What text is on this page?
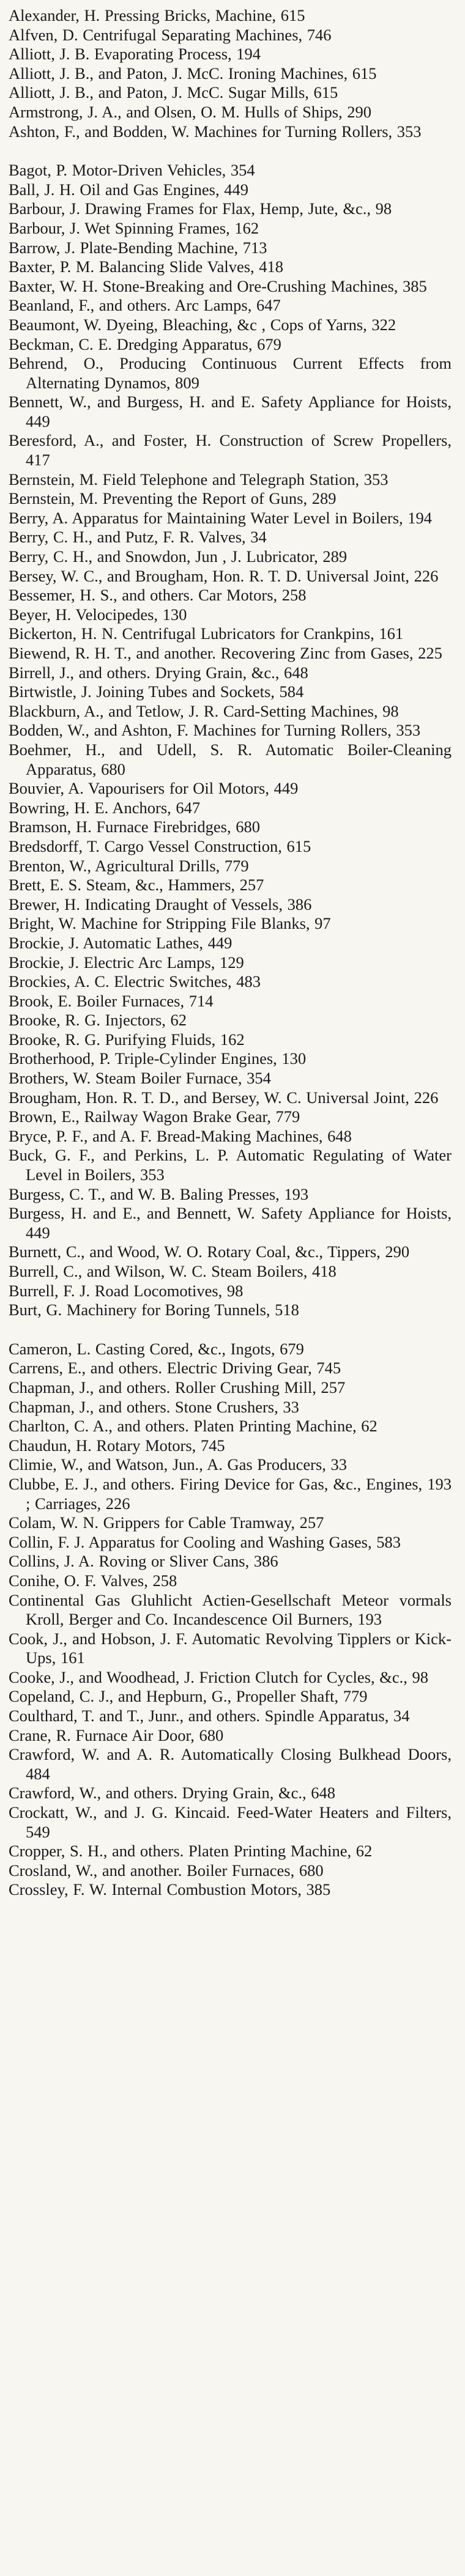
Alexander, H. Pressing Bricks, Machine, 615

Alfven, D. Centrifugal Separating Machines, 746

Alliott, J. B. Evaporating Process, 194

Alliott, J. B., and Paton, J. McC. Ironing Machines, 615

Alliott, J. B., and Paton, J. McC. Sugar Mills, 615

Armstrong, J. A., and Olsen, O. M. Hulls of Ships, 290

Ashton, F., and Bodden, W. Machines for Turning Rollers, 353

Bagot, P. Motor-Driven Vehicles, 354

Ball, J. H. Oil and Gas Engines, 449

Barbour, J. Drawing Frames for Flax, Hemp, Jute, &c., 98

Barbour, J. Wet Spinning Frames, 162

Barrow, J. Plate-Bending Machine, 713

Baxter, P. M. Balancing Slide Valves, 418

Baxter, W. H. Stone-Breaking and Ore-Crushing Machines, 385

Beanland, F., and others. Arc Lamps, 647

Beaumont, W. Dyeing, Bleaching, &c , Cops of Yarns, 322

Beckman, C. E. Dredging Apparatus, 679

Behrend, O., Producing Continuous Current Effects from Alternating Dynamos, 809

Bennett, W., and Burgess, H. and E. Safety Appliance for Hoists, 449

Beresford, A., and Foster, H. Construction of Screw Propellers, 417

Bernstein, M. Field Telephone and Telegraph Station, 353

Bernstein, M. Preventing the Report of Guns, 289

Berry, A. Apparatus for Maintaining Water Level in Boilers, 194

Berry, C. H., and Putz, F. R. Valves, 34

Berry, C. H., and Snowdon, Jun , J. Lubricator, 289

Bersey, W. C., and Brougham, Hon. R. T. D. Universal Joint, 226

Bessemer, H. S., and others. Car Motors, 258

Beyer, H. Velocipedes, 130

Bickerton, H. N. Centrifugal Lubricators for Crankpins, 161

Biewend, R. H. T., and another. Recovering Zinc from Gases, 225

Birrell, J., and others. Drying Grain, &c., 648

Birtwistle, J. Joining Tubes and Sockets, 584

Blackburn, A., and Tetlow, J. R. Card-Setting Machines, 98

Bodden, W., and Ashton, F. Machines for Turning Rollers, 353

Boehmer, H., and Udell, S. R. Automatic Boiler-Cleaning Apparatus, 680

Bouvier, A. Vapourisers for Oil Motors, 449

Bowring, H. E. Anchors, 647

Bramson, H. Furnace Firebridges, 680

Bredsdorff, T. Cargo Vessel Construction, 615

Brenton, W., Agricultural Drills, 779

Brett, E. S. Steam, &c., Hammers, 257

Brewer, H. Indicating Draught of Vessels, 386

Bright, W. Machine for Stripping File Blanks, 97

Brockie, J. Automatic Lathes, 449

Brockie, J. Electric Arc Lamps, 129

Brockies, A. C. Electric Switches, 483

Brook, E. Boiler Furnaces, 714

Brooke, R. G. Injectors, 62

Brooke, R. G. Purifying Fluids, 162

Brotherhood, P. Triple-Cylinder Engines, 130

Brothers, W. Steam Boiler Furnace, 354

Brougham, Hon. R. T. D., and Bersey, W. C. Universal Joint, 226

Brown, E., Railway Wagon Brake Gear, 779

Bryce, P. F., and A. F. Bread-Making Machines, 648

Buck, G. F., and Perkins, L. P. Automatic Regulating of Water Level in Boilers, 353

Burgess, C. T., and W. B. Baling Presses, 193

Burgess, H. and E., and Bennett, W. Safety Appliance for Hoists, 449

Burnett, C., and Wood, W. O. Rotary Coal, &c., Tippers, 290

Burrell, C., and Wilson, W. C. Steam Boilers, 418

Burrell, F. J. Road Locomotives, 98

Burt, G. Machinery for Boring Tunnels, 518

Cameron, L. Casting Cored, &c., Ingots, 679

Carrens, E., and others. Electric Driving Gear, 745

Chapman, J., and others. Roller Crushing Mill, 257

Chapman, J., and others. Stone Crushers, 33

Charlton, C. A., and others. Platen Printing Machine, 62

Chaudun, H. Rotary Motors, 745

Climie, W., and Watson, Jun., A. Gas Producers, 33

Clubbe, E. J., and others. Firing Device for Gas, &c., Engines, 193 ; Carriages, 226

Colam, W. N. Grippers for Cable Tramway, 257

Collin, F. J. Apparatus for Cooling and Washing Gases, 583

Collins, J. A. Roving or Sliver Cans, 386

Conihe, O. F. Valves, 258

Continental Gas Gluhlicht Actien-Gesellschaft Meteor vormals Kroll, Berger and Co. Incandescence Oil Burners, 193

Cook, J., and Hobson, J. F. Automatic Revolving Tipplers or Kick-Ups, 161

Cooke, J., and Woodhead, J. Friction Clutch for Cycles, &c., 98

Copeland, C. J., and Hepburn, G., Propeller Shaft, 779

Coulthard, T. and T., Junr., and others. Spindle Apparatus, 34

Crane, R. Furnace Air Door, 680

Crawford, W. and A. R. Automatically Closing Bulkhead Doors, 484

Crawford, W., and others. Drying Grain, &c., 648

Crockatt, W., and J. G. Kincaid. Feed-Water Heaters and Filters, 549

Cropper, S. H., and others. Platen Printing Machine, 62

Crosland, W., and another. Boiler Furnaces, 680

Crossley, F. W. Internal Combustion Motors, 385
